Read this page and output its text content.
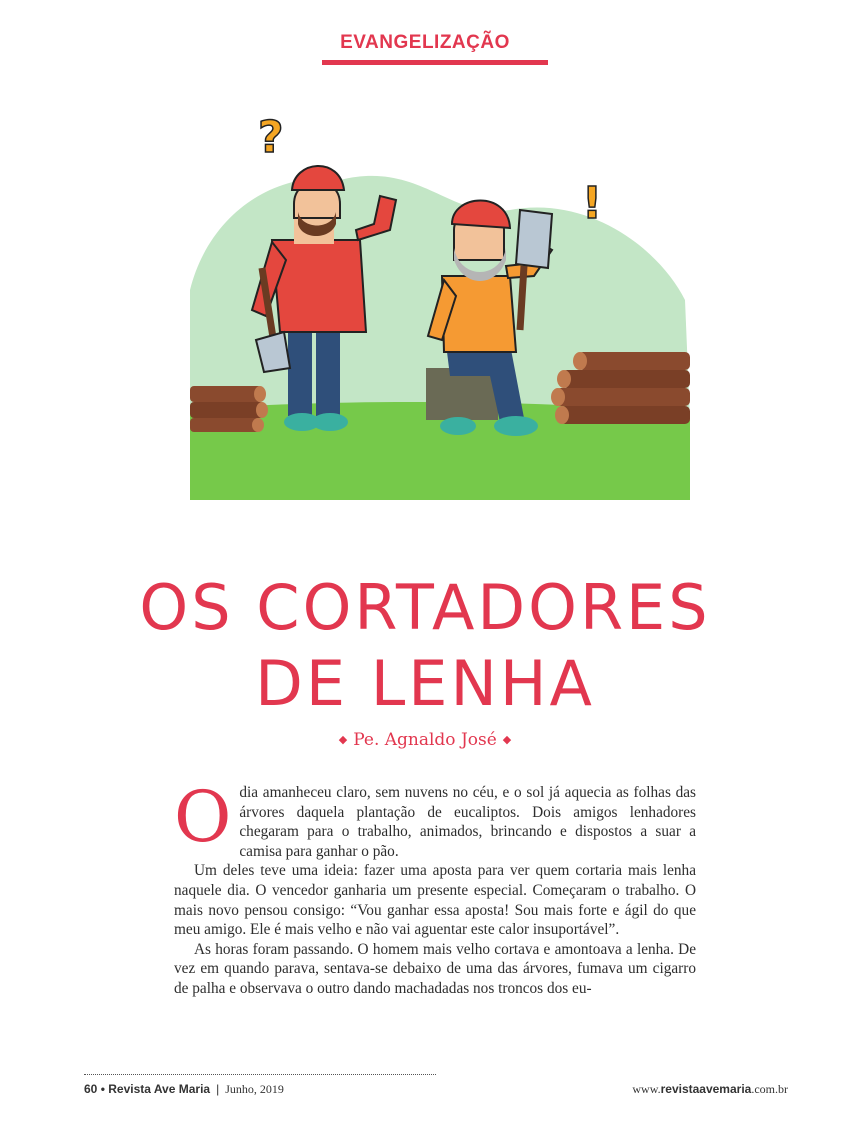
EVANGELIZAÇÃO
?
!
OS CORTADORES
DE LENHA
◆ Pe. Agnaldo José ◆

Odia amanheceu claro, sem nuvens no céu, e o sol já aquecia as folhas das árvores daquela plantação de eucaliptos. Dois amigos lenhadores chegaram para o trabalho, animados, brincando e dispostos a suar a camisa para ganhar o pão.

Um deles teve uma ideia: fazer uma aposta para ver quem cortaria mais lenha naquele dia. O vencedor ganharia um presente especial. Começaram o trabalho. O mais novo pensou consigo: “Vou ganhar essa aposta! Sou mais forte e ágil do que meu amigo. Ele é mais velho e não vai aguentar este calor insuportável”.

As horas foram passando. O homem mais velho cortava e amontoava a lenha. De vez em quando parava, sentava-se debaixo de uma das árvores, fumava um cigarro de palha e observava o outro dando machadadas nos troncos dos eu-

60 • Revista Ave Maria | Junho, 2019	www.revistaavemaria.com.br
